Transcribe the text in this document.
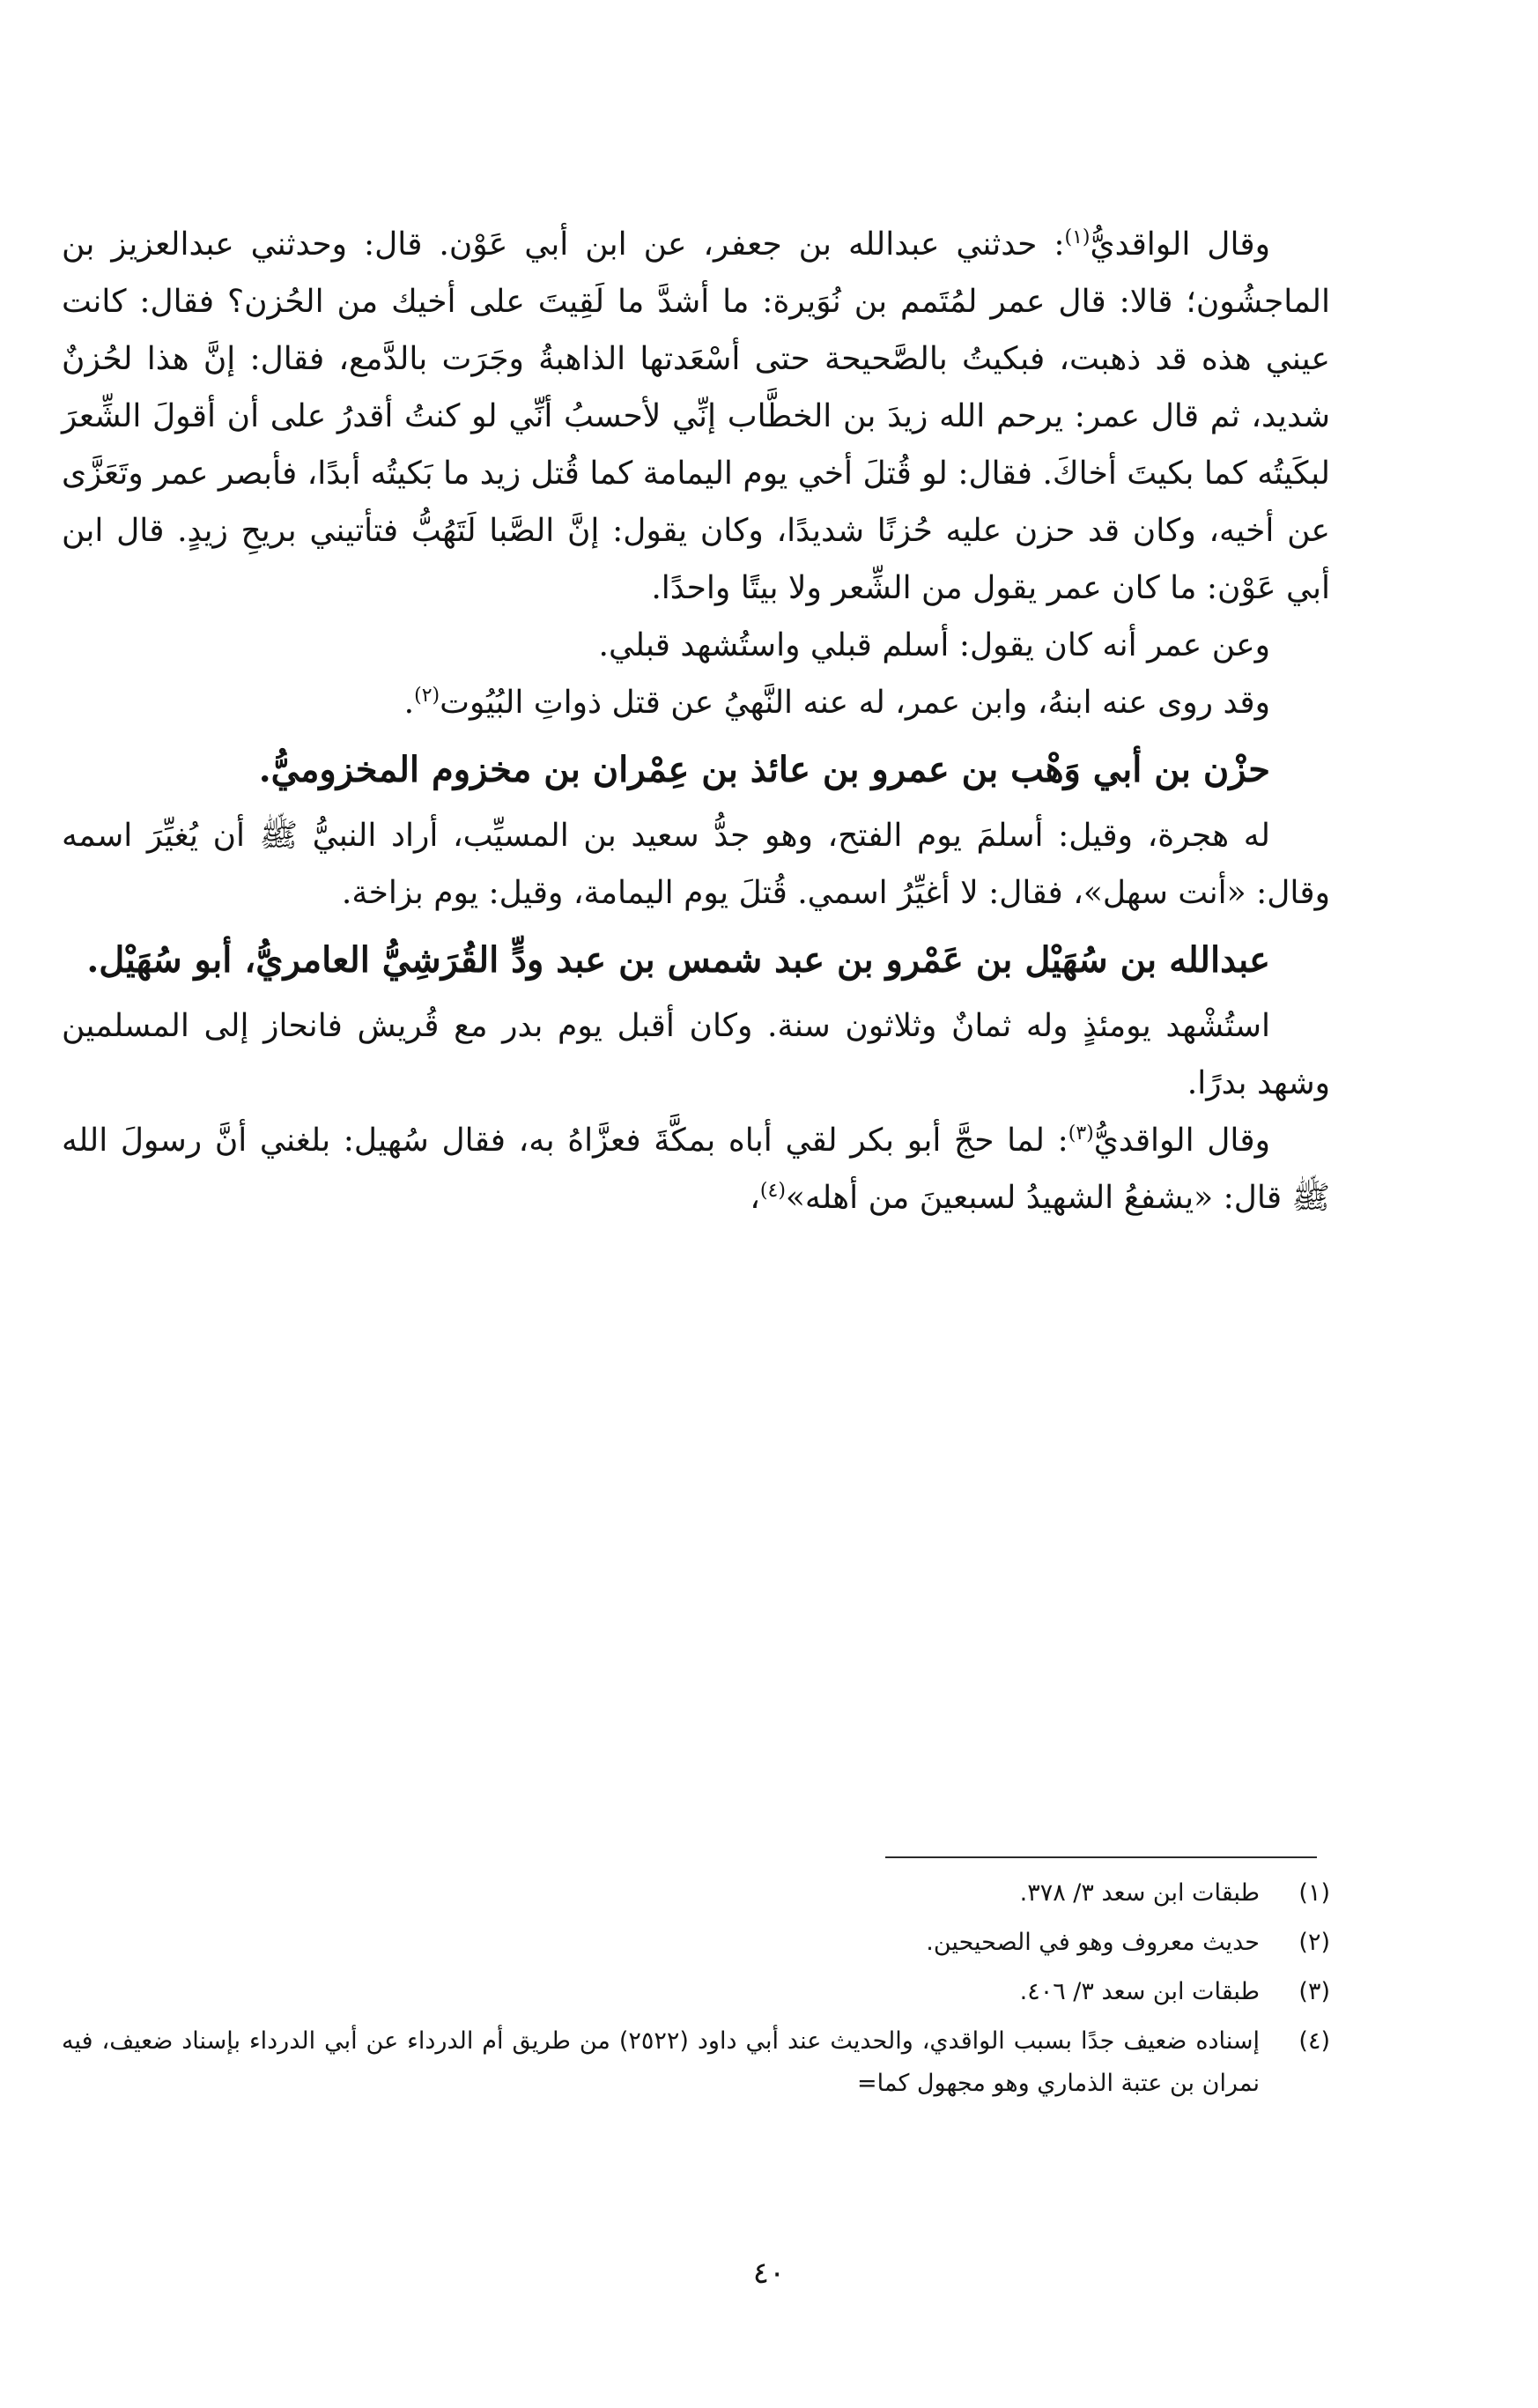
وقال الواقديُّ$^{(١)}$: حدثني عبدالله بن جعفر، عن ابن أبي عَوْن. قال: وحدثني عبدالعزيز بن الماجشُون؛ قالا: قال عمر لمُتَمم بن نُوَيرة: ما أشدَّ ما لَقِيتَ على أخيك من الحُزن؟ فقال: كانت عيني هذه قد ذهبت، فبكيتُ بالصَّحيحة حتى أسْعَدتها الذاهبةُ وجَرَت بالدَّمع، فقال: إنَّ هذا لحُزنٌ شديد، ثم قال عمر: يرحم الله زيدَ بن الخطَّاب إنِّي لأحسبُ أنِّي لو كنتُ أقدرُ على أن أقولَ الشِّعرَ لبكَيتُه كما بكيتَ أخاكَ. فقال: لو قُتلَ أخي يوم اليمامة كما قُتل زيد ما بَكيتُه أبدًا، فأبصر عمر وتَعَزَّى عن أخيه، وكان قد حزن عليه حُزنًا شديدًا، وكان يقول: إنَّ الصَّبا لَتَهُبُّ فتأتيني بريحِ زيدٍ. قال ابن أبي عَوْن: ما كان عمر يقول من الشِّعر ولا بيتًا واحدًا.

وعن عمر أنه كان يقول: أسلم قبلي واستُشهد قبلي.

وقد روى عنه ابنهُ، وابن عمر، له عنه النَّهيُ عن قتل ذواتِ البُيُوت$^{(٢)}$.

حزْن بن أبي وَهْب بن عمرو بن عائذ بن عِمْران بن مخزوم المخزوميُّ.

له هجرة، وقيل: أسلمَ يوم الفتح، وهو جدُّ سعيد بن المسيِّب، أراد النبيُّ ﷺ أن يُغيِّرَ اسمه وقال: «أنت سهل»، فقال: لا أغيِّرُ اسمي. قُتلَ يوم اليمامة، وقيل: يوم بزاخة.

عبدالله بن سُهَيْل بن عَمْرو بن عبد شمس بن عبد ودٍّ القُرَشِيُّ العامريُّ، أبو سُهَيْل.

استُشْهد يومئذٍ وله ثمانٌ وثلاثون سنة. وكان أقبل يوم بدر مع قُريش فانحاز إلى المسلمين وشهد بدرًا.

وقال الواقديُّ$^{(٣)}$: لما حجَّ أبو بكر لقي أباه بمكَّةَ فعزَّاهُ به، فقال سُهيل: بلغني أنَّ رسولَ الله ﷺ قال: «يشفعُ الشهيدُ لسبعينَ من أهله»$^{(٤)}$،

(١)
طبقات ابن سعد ٣/ ٣٧٨.
(٢)
حديث معروف وهو في الصحيحين.
(٣)
طبقات ابن سعد ٣/ ٤٠٦.
(٤)
إسناده ضعيف جدًا بسبب الواقدي، والحديث عند أبي داود (٢٥٢٢) من طريق أم الدرداء عن أبي الدرداء بإسناد ضعيف، فيه نمران بن عتبة الذماري وهو مجهول كما=
٤٠
